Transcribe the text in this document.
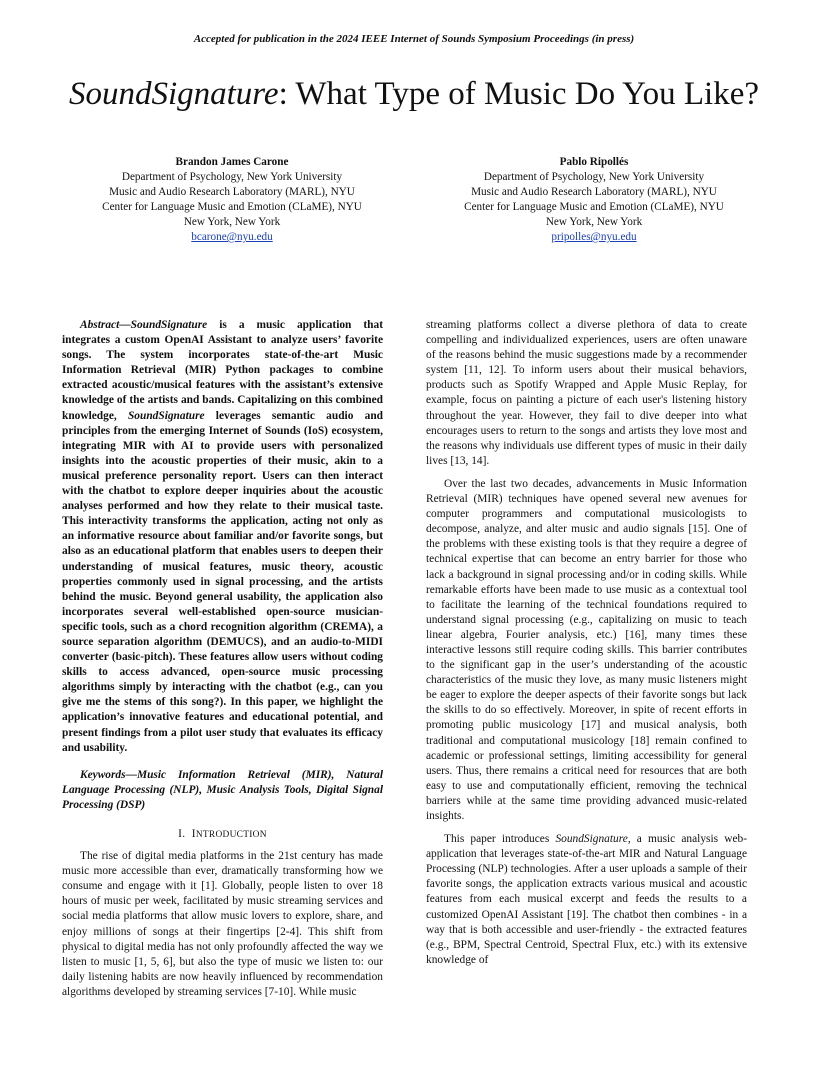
Accepted for publication in the 2024 IEEE Internet of Sounds Symposium Proceedings (in press)
SoundSignature: What Type of Music Do You Like?
Brandon James Carone
Department of Psychology, New York University
Music and Audio Research Laboratory (MARL), NYU
Center for Language Music and Emotion (CLaME), NYU
New York, New York
bcarone@nyu.edu
Pablo Ripollés
Department of Psychology, New York University
Music and Audio Research Laboratory (MARL), NYU
Center for Language Music and Emotion (CLaME), NYU
New York, New York
pripolles@nyu.edu

Abstract—SoundSignature is a music application that integrates a custom OpenAI Assistant to analyze users’ favorite songs. The system incorporates state-of-the-art Music Information Retrieval (MIR) Python packages to combine extracted acoustic/musical features with the assistant’s extensive knowledge of the artists and bands. Capitalizing on this combined knowledge, SoundSignature leverages semantic audio and principles from the emerging Internet of Sounds (IoS) ecosystem, integrating MIR with AI to provide users with personalized insights into the acoustic properties of their music, akin to a musical preference personality report. Users can then interact with the chatbot to explore deeper inquiries about the acoustic analyses performed and how they relate to their musical taste. This interactivity transforms the application, acting not only as an informative resource about familiar and/or favorite songs, but also as an educational platform that enables users to deepen their understanding of musical features, music theory, acoustic properties commonly used in signal processing, and the artists behind the music. Beyond general usability, the application also incorporates several well-established open-source musician-specific tools, such as a chord recognition algorithm (CREMA), a source separation algorithm (DEMUCS), and an audio-to-MIDI converter (basic-pitch). These features allow users without coding skills to access advanced, open-source music processing algorithms simply by interacting with the chatbot (e.g., can you give me the stems of this song?). In this paper, we highlight the application’s innovative features and educational potential, and present findings from a pilot user study that evaluates its efficacy and usability.

Keywords—Music Information Retrieval (MIR), Natural Language Processing (NLP), Music Analysis Tools, Digital Signal Processing (DSP)

I. INTRODUCTION

The rise of digital media platforms in the 21st century has made music more accessible than ever, dramatically transforming how we consume and engage with it [1]. Globally, people listen to over 18 hours of music per week, facilitated by music streaming services and social media platforms that allow music lovers to explore, share, and enjoy millions of songs at their fingertips [2-4]. This shift from physical to digital media has not only profoundly affected the way we listen to music [1, 5, 6], but also the type of music we listen to: our daily listening habits are now heavily influenced by recommendation algorithms developed by streaming services [7-10]. While music

streaming platforms collect a diverse plethora of data to create compelling and individualized experiences, users are often unaware of the reasons behind the music suggestions made by a recommender system [11, 12]. To inform users about their musical behaviors, products such as Spotify Wrapped and Apple Music Replay, for example, focus on painting a picture of each user's listening history throughout the year. However, they fail to dive deeper into what encourages users to return to the songs and artists they love most and the reasons why individuals use different types of music in their daily lives [13, 14].

Over the last two decades, advancements in Music Information Retrieval (MIR) techniques have opened several new avenues for computer programmers and computational musicologists to decompose, analyze, and alter music and audio signals [15]. One of the problems with these existing tools is that they require a degree of technical expertise that can become an entry barrier for those who lack a background in signal processing and/or in coding skills. While remarkable efforts have been made to use music as a contextual tool to facilitate the learning of the technical foundations required to understand signal processing (e.g., capitalizing on music to teach linear algebra, Fourier analysis, etc.) [16], many times these interactive lessons still require coding skills. This barrier contributes to the significant gap in the user’s understanding of the acoustic characteristics of the music they love, as many music listeners might be eager to explore the deeper aspects of their favorite songs but lack the skills to do so effectively. Moreover, in spite of recent efforts in promoting public musicology [17] and musical analysis, both traditional and computational musicology [18] remain confined to academic or professional settings, limiting accessibility for general users. Thus, there remains a critical need for resources that are both easy to use and computationally efficient, removing the technical barriers while at the same time providing advanced music-related insights.

This paper introduces SoundSignature, a music analysis web-application that leverages state-of-the-art MIR and Natural Language Processing (NLP) technologies. After a user uploads a sample of their favorite songs, the application extracts various musical and acoustic features from each musical excerpt and feeds the results to a customized OpenAI Assistant [19]. The chatbot then combines ‐ in a way that is both accessible and user-friendly ‐ the extracted features (e.g., BPM, Spectral Centroid, Spectral Flux, etc.) with its extensive knowledge of
